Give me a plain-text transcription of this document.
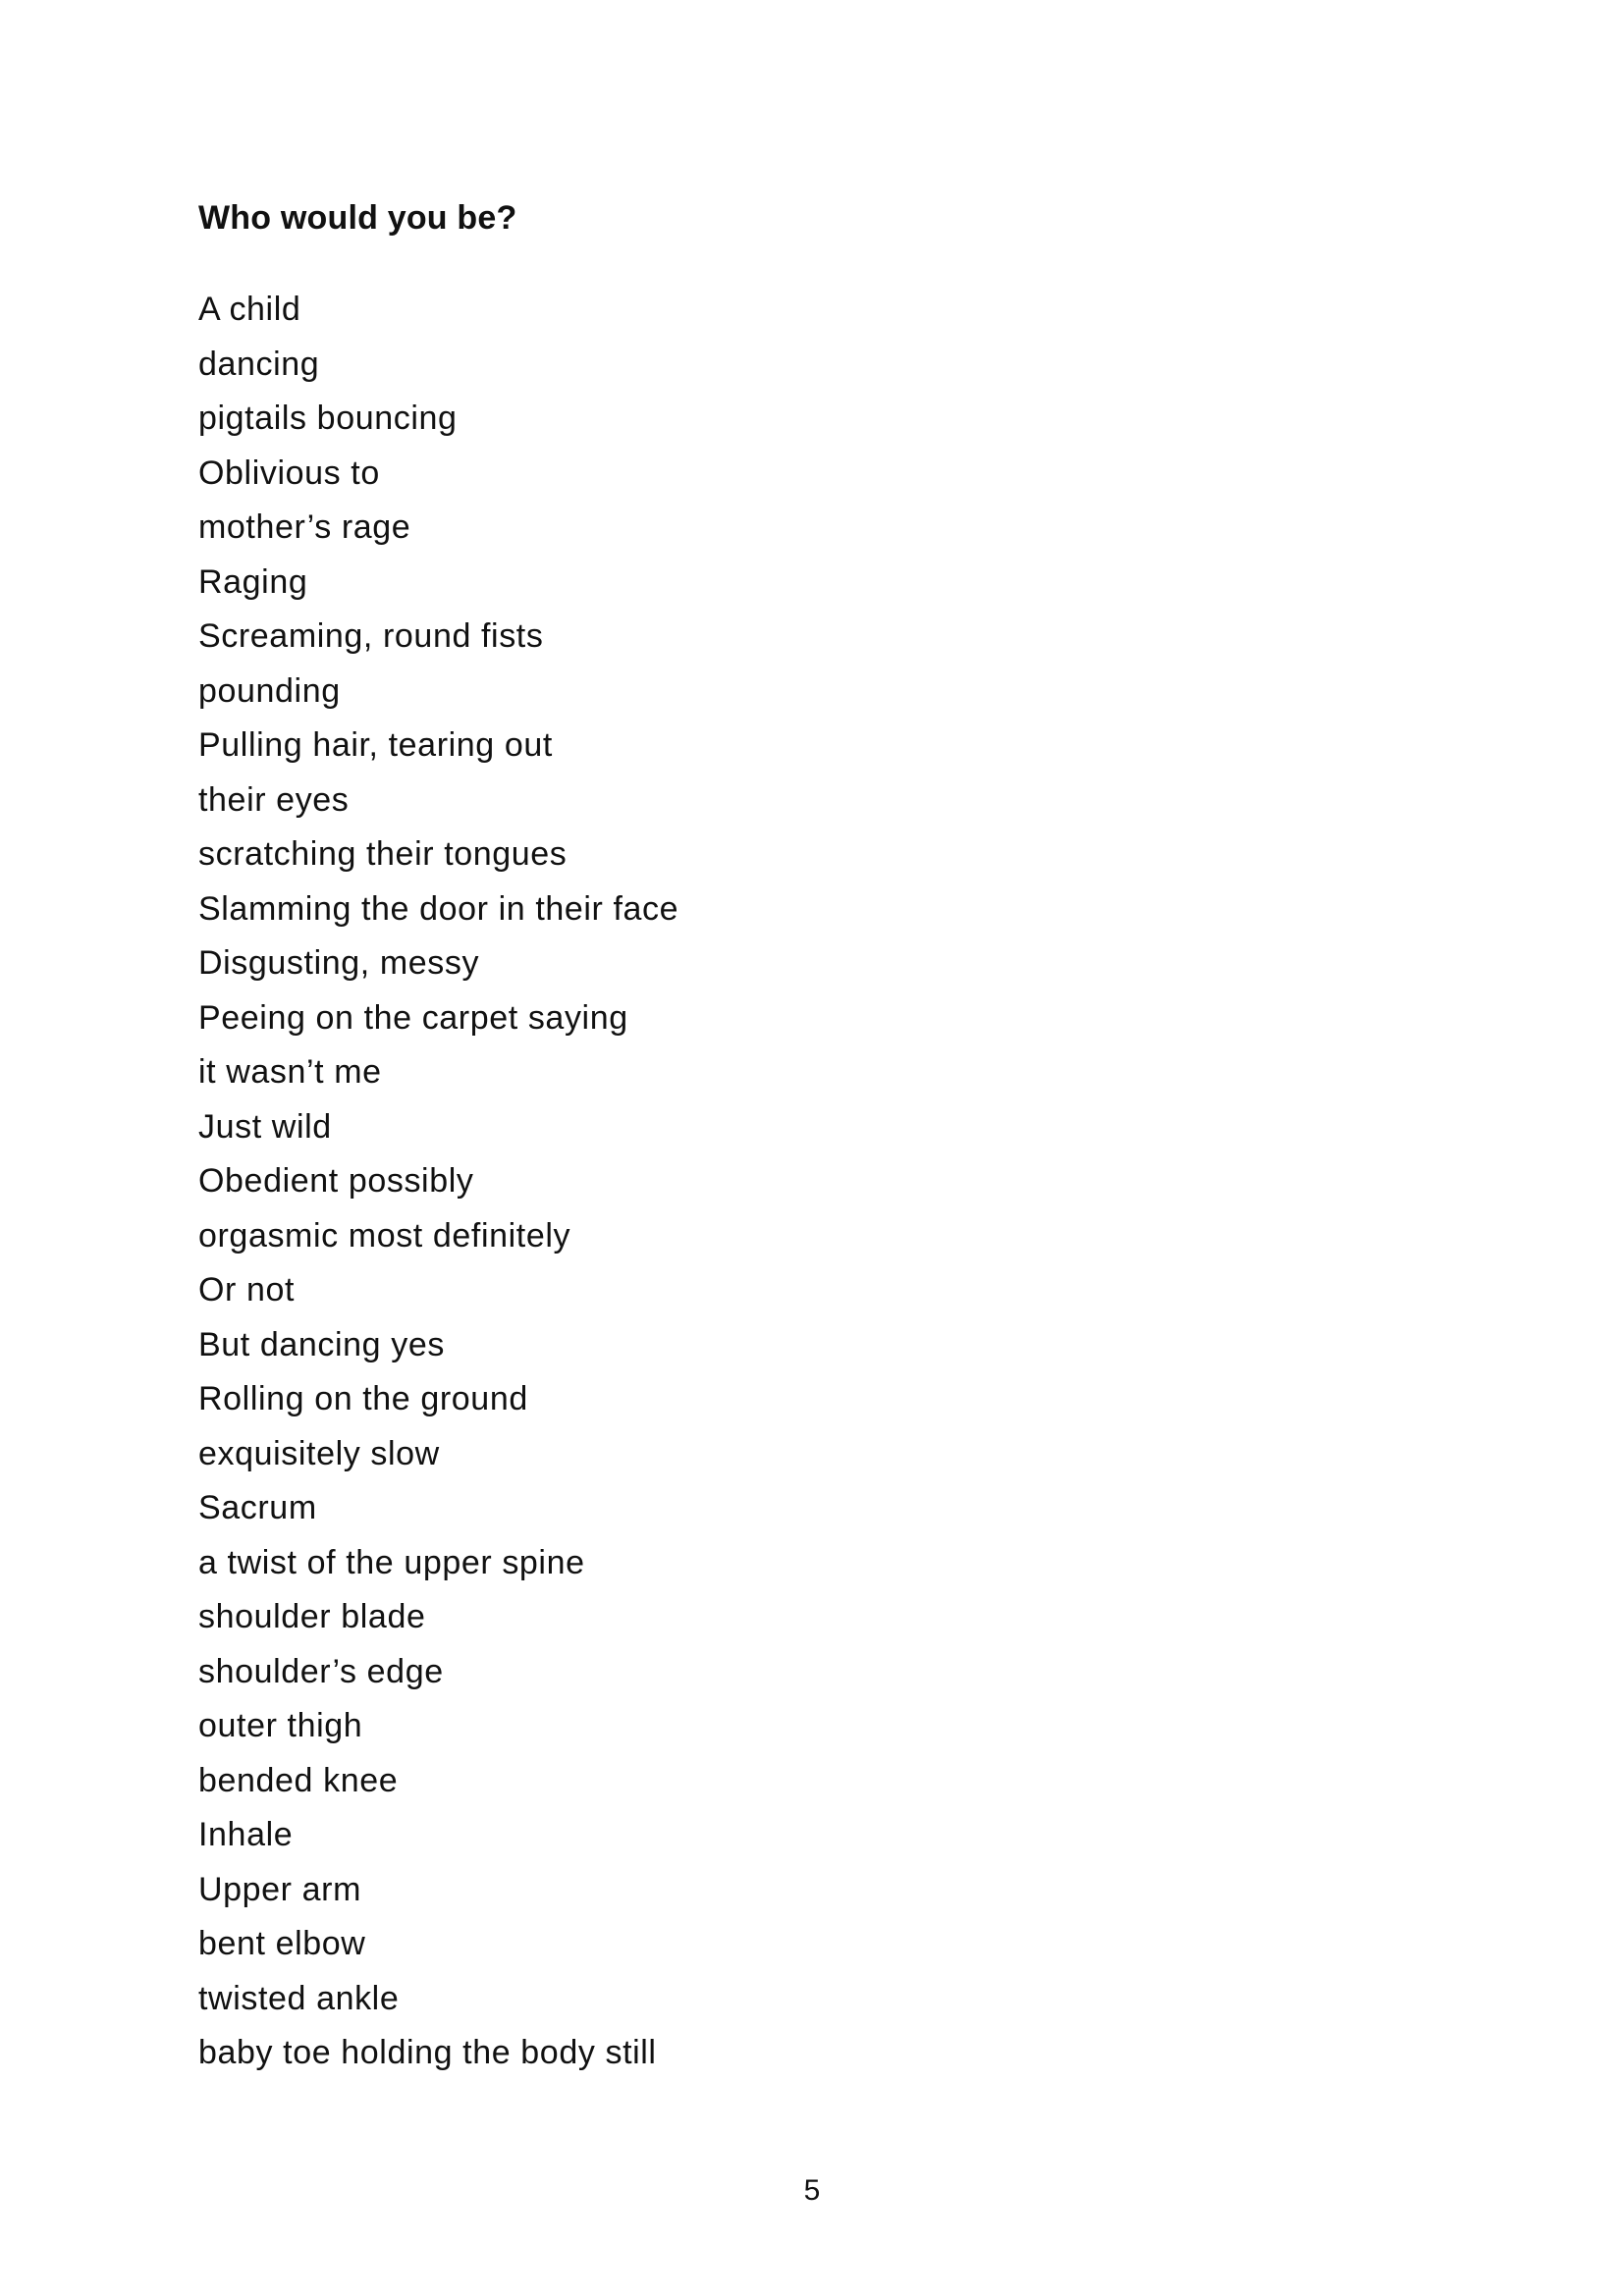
Who would you be?
A child
dancing
pigtails bouncing
Oblivious to
mother’s rage
Raging
Screaming, round fists
pounding
Pulling hair, tearing out
their eyes
scratching their tongues
Slamming the door in their face
Disgusting, messy
Peeing on the carpet saying
it wasn’t me
Just wild
Obedient possibly
orgasmic most definitely
Or not
But dancing yes
Rolling on the ground
exquisitely slow
Sacrum
a twist of the upper spine
shoulder blade
shoulder’s edge
outer thigh
bended knee
Inhale
Upper arm
bent elbow
twisted ankle
baby toe holding the body still
5
